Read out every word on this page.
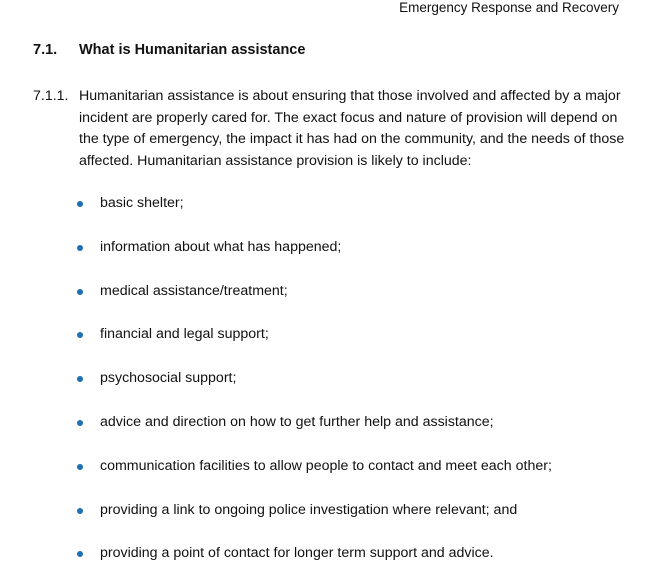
Emergency Response and Recovery
7.1. What is Humanitarian assistance
7.1.1. Humanitarian assistance is about ensuring that those involved and affected by a major incident are properly cared for. The exact focus and nature of provision will depend on the type of emergency, the impact it has had on the community, and the needs of those affected. Humanitarian assistance provision is likely to include:
basic shelter;
information about what has happened;
medical assistance/treatment;
financial and legal support;
psychosocial support;
advice and direction on how to get further help and assistance;
communication facilities to allow people to contact and meet each other;
providing a link to ongoing police investigation where relevant; and
providing a point of contact for longer term support and advice.
